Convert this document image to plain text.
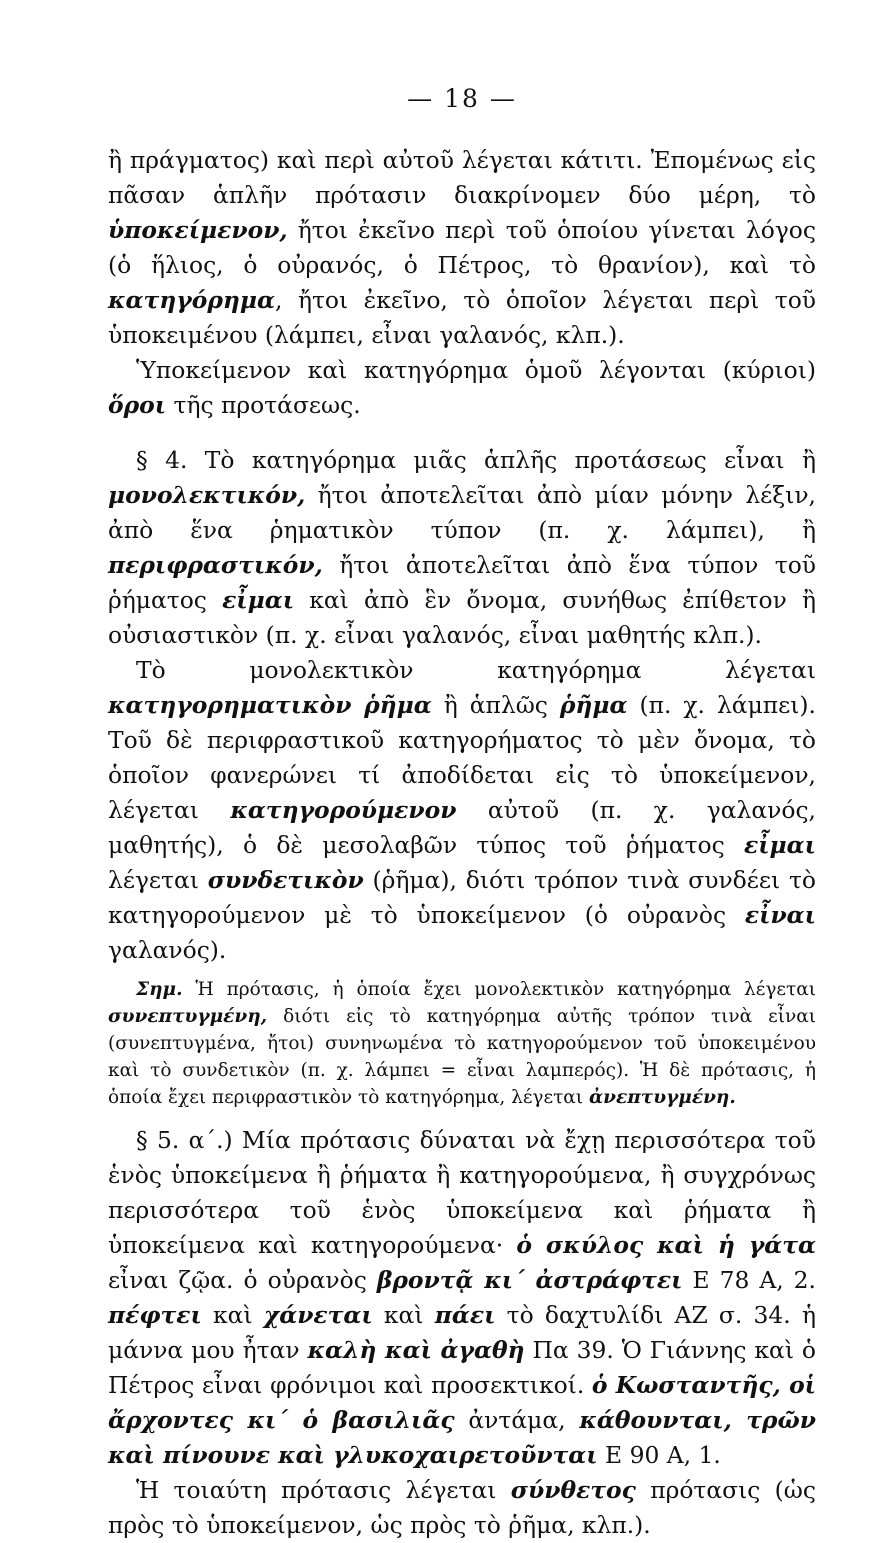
— 18 —

ἢ πράγματος) καὶ περὶ αὐτοῦ λέγεται κάτιτι. Ἐπομένως εἰς πᾶσαν ἁπλῆν πρότασιν διακρίνομεν δύο μέρη, τὸ ὑποκείμενον, ἤτοι ἐκεῖνο περὶ τοῦ ὁποίου γίνεται λόγος (ὁ ἥλιος, ὁ οὐρανός, ὁ Πέτρος, τὸ θρανίον), καὶ τὸ κατηγόρημα, ἤτοι ἐκεῖνο, τὸ ὁποῖον λέγεται περὶ τοῦ ὑποκειμένου (λάμπει, εἶναι γαλανός, κλπ.).

Ὑποκείμενον καὶ κατηγόρημα ὁμοῦ λέγονται (κύριοι) ὅροι τῆς προτάσεως.

§ 4. Τὸ κατηγόρημα μιᾶς ἁπλῆς προτάσεως εἶναι ἢ μονολεκτικόν, ἤτοι ἀποτελεῖται ἀπὸ μίαν μόνην λέξιν, ἀπὸ ἕνα ῥηματικὸν τύπον (π. χ. λάμπει), ἢ περιφραστικόν, ἤτοι ἀποτελεῖται ἀπὸ ἕνα τύπον τοῦ ῥήματος εἶμαι καὶ ἀπὸ ἓν ὄνομα, συνήθως ἐπίθετον ἢ οὐσιαστικὸν (π. χ. εἶναι γαλανός, εἶναι μαθητής κλπ.).

Τὸ μονολεκτικὸν κατηγόρημα λέγεται κατηγορηματικὸν ῥῆμα ἢ ἁπλῶς ῥῆμα (π. χ. λάμπει). Τοῦ δὲ περιφραστικοῦ κατηγορήματος τὸ μὲν ὄνομα, τὸ ὁποῖον φανερώνει τί ἀποδίδεται εἰς τὸ ὑποκείμενον, λέγεται κατηγορούμενον αὐτοῦ (π. χ. γαλανός, μαθητής), ὁ δὲ μεσολαβῶν τύπος τοῦ ῥήματος εἶμαι λέγεται συνδετικὸν (ῥῆμα), διότι τρόπον τινὰ συνδέει τὸ κατηγορούμενον μὲ τὸ ὑποκείμενον (ὁ οὐρανὸς εἶναι γαλανός).

Σημ. Ἡ πρότασις, ἡ ὁποία ἔχει μονολεκτικὸν κατηγόρημα λέγεται συνεπτυγμένη, διότι εἰς τὸ κατηγόρημα αὐτῆς τρόπον τινὰ εἶναι (συνεπτυγμένα, ἤτοι) συνηνωμένα τὸ κατηγορούμενον τοῦ ὑποκειμένου καὶ τὸ συνδετικὸν (π. χ. λάμπει = εἶναι λαμπερός). Ἡ δὲ πρότασις, ἡ ὁποία ἔχει περιφραστικὸν τὸ κατηγόρημα, λέγεται ἀνεπτυγμένη.

§ 5. α΄.) Μία πρότασις δύναται νὰ ἔχῃ περισσότερα τοῦ ἑνὸς ὑποκείμενα ἢ ῥήματα ἢ κατηγορούμενα, ἢ συγχρόνως περισσότερα τοῦ ἑνὸς ὑποκείμενα καὶ ῥήματα ἢ ὑποκείμενα καὶ κατηγορούμενα· ὁ σκύλος καὶ ἡ γάτα εἶναι ζῷα. ὁ οὐρανὸς βροντᾷ κι΄ ἀστράφτει Ε 78 Α, 2. πέφτει καὶ χάνεται καὶ πάει τὸ δαχτυλίδι ΑΖ σ. 34. ἡ μάννα μου ἦταν καλὴ καὶ ἀγαθὴ Πα 39. Ὁ Γιάννης καὶ ὁ Πέτρος εἶναι φρόνιμοι καὶ προσεκτικοί. ὁ Κωσταντῆς, οἱ ἄρχοντες κι΄ ὁ βασιλιᾶς ἀντάμα, κάθουνται, τρῶν καὶ πίνουνε καὶ γλυκοχαιρετοῦνται Ε 90 Α, 1.

Ἡ τοιαύτη πρότασις λέγεται σύνθετος πρότασις (ὡς πρὸς τὸ ὑποκείμενον, ὡς πρὸς τὸ ῥῆμα, κλπ.).
